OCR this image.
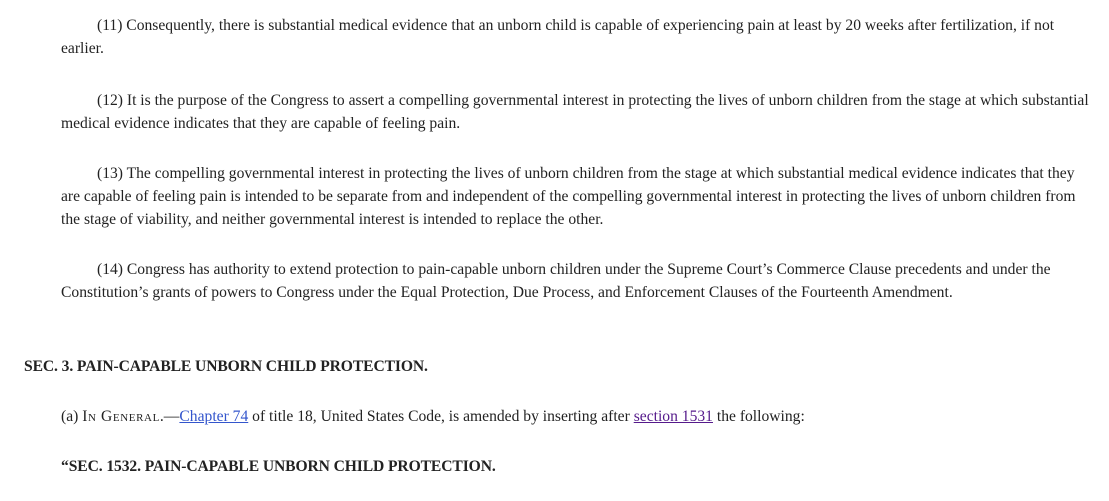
(11) Consequently, there is substantial medical evidence that an unborn child is capable of experiencing pain at least by 20 weeks after fertilization, if not earlier.

(12) It is the purpose of the Congress to assert a compelling governmental interest in protecting the lives of unborn children from the stage at which substantial medical evidence indicates that they are capable of feeling pain.

(13) The compelling governmental interest in protecting the lives of unborn children from the stage at which substantial medical evidence indicates that they are capable of feeling pain is intended to be separate from and independent of the compelling governmental interest in protecting the lives of unborn children from the stage of viability, and neither governmental interest is intended to replace the other.

(14) Congress has authority to extend protection to pain-capable unborn children under the Supreme Court’s Commerce Clause precedents and under the Constitution’s grants of powers to Congress under the Equal Protection, Due Process, and Enforcement Clauses of the Fourteenth Amendment.

SEC. 3. PAIN-CAPABLE UNBORN CHILD PROTECTION.

(a) In General.—Chapter 74 of title 18, United States Code, is amended by inserting after section 1531 the following:

“SEC. 1532. PAIN-CAPABLE UNBORN CHILD PROTECTION.
